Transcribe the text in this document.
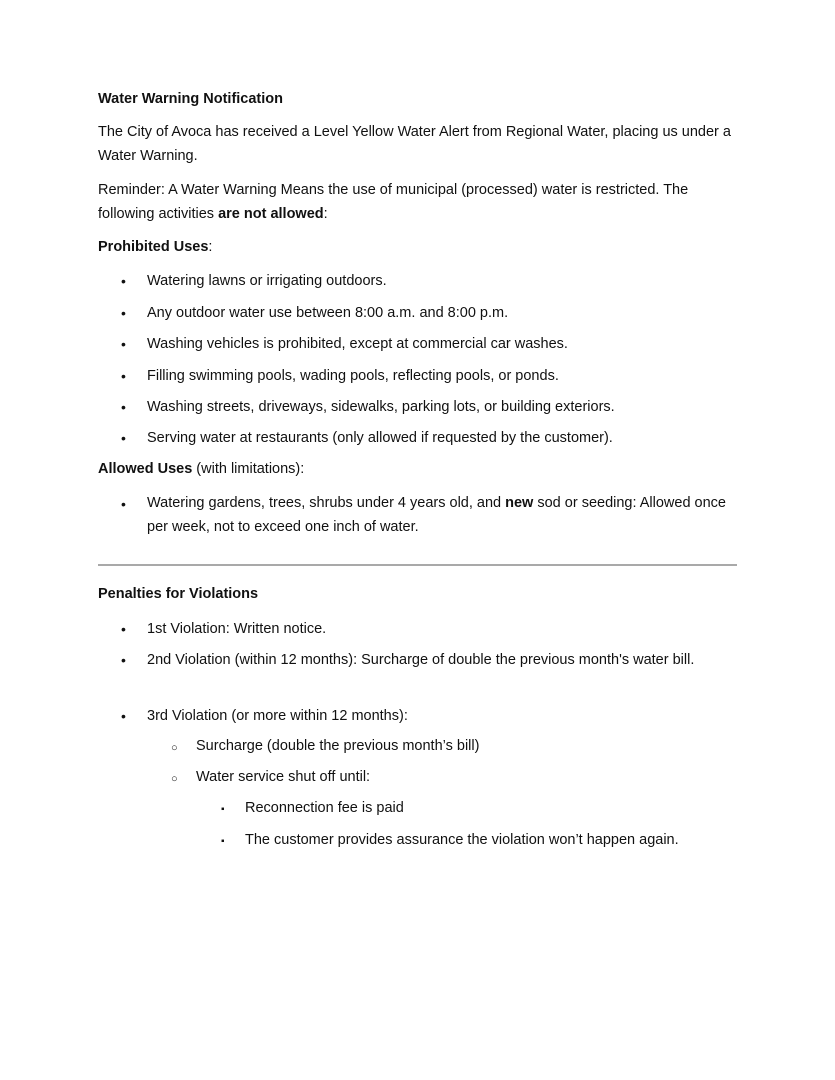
Water Warning Notification
The City of Avoca has received a Level Yellow Water Alert from Regional Water, placing us under a Water Warning.
Reminder: A Water Warning Means the use of municipal (processed) water is restricted. The following activities are not allowed:
Prohibited Uses:
• Watering lawns or irrigating outdoors.
• Any outdoor water use between 8:00 a.m. and 8:00 p.m.
• Washing vehicles is prohibited, except at commercial car washes.
• Filling swimming pools, wading pools, reflecting pools, or ponds.
• Washing streets, driveways, sidewalks, parking lots, or building exteriors.
• Serving water at restaurants (only allowed if requested by the customer).
Allowed Uses (with limitations):
• Watering gardens, trees, shrubs under 4 years old, and new sod or seeding: Allowed once per week, not to exceed one inch of water.
Penalties for Violations
• 1st Violation: Written notice.
• 2nd Violation (within 12 months): Surcharge of double the previous month's water bill.
• 3rd Violation (or more within 12 months):
○ Surcharge (double the previous month’s bill)
○ Water service shut off until:
▪ Reconnection fee is paid
▪ The customer provides assurance the violation won’t happen again.
